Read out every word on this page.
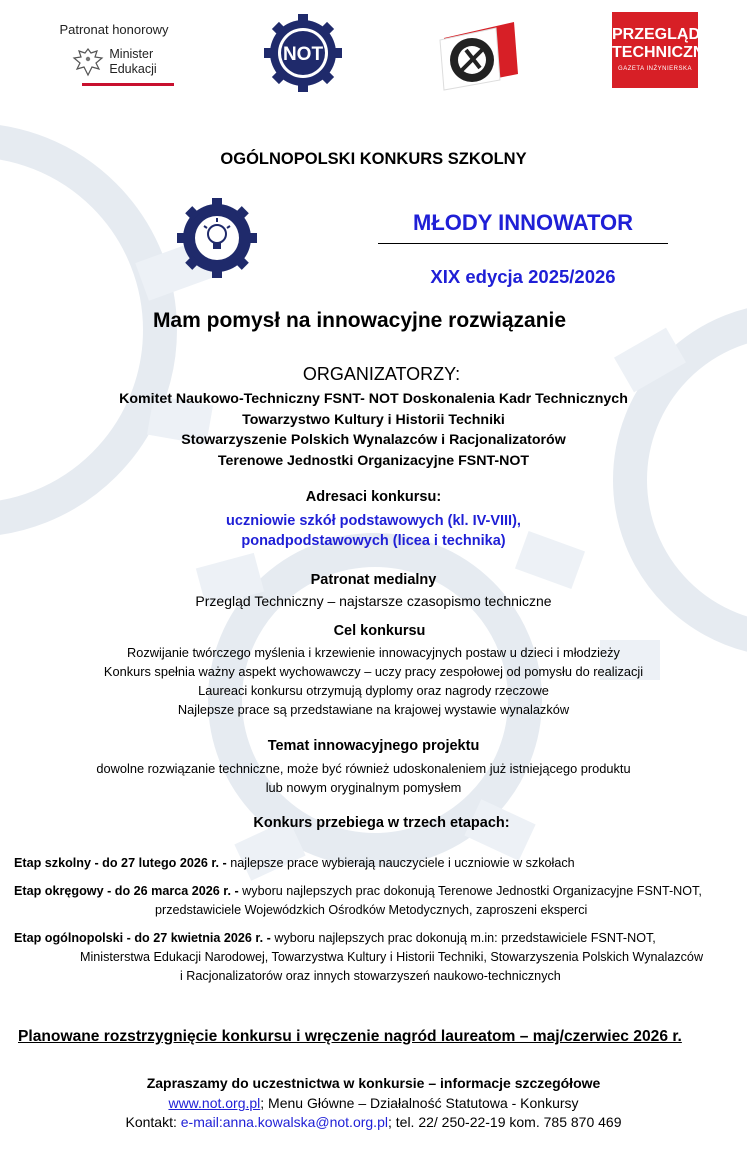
Patronat honorowy
Minister
Edukacji
NOT
PRZEGLĄD
TECHNICZNY
GAZETA INŻYNIERSKA
OGÓLNOPOLSKI KONKURS SZKOLNY
MŁODY INNOWATOR
XIX edycja 2025/2026
Mam pomysł na innowacyjne rozwiązanie
ORGANIZATORZY:
Komitet Naukowo-Techniczny FSNT- NOT Doskonalenia Kadr Technicznych
Towarzystwo Kultury i Historii Techniki
Stowarzyszenie Polskich Wynalazców i Racjonalizatorów
Terenowe Jednostki Organizacyjne FSNT-NOT
Adresaci konkursu:
uczniowie szkół podstawowych (kl. IV-VIII),
ponadpodstawowych (licea i technika)
Patronat medialny
Przegląd Techniczny – najstarsze czasopismo techniczne
Cel konkursu
Rozwijanie twórczego myślenia i krzewienie innowacyjnych postaw u dzieci i młodzieży
Konkurs spełnia ważny aspekt wychowawczy – uczy pracy zespołowej od pomysłu do realizacji
Laureaci konkursu otrzymują dyplomy oraz nagrody rzeczowe
Najlepsze prace są przedstawiane na krajowej wystawie wynalazków
Temat innowacyjnego projektu
dowolne rozwiązanie techniczne, może być również udoskonaleniem już istniejącego produktu
lub nowym oryginalnym pomysłem
Konkurs przebiega w trzech etapach:
Etap szkolny - do 27 lutego 2026 r. - najlepsze prace wybierają nauczyciele i uczniowie w szkołach
Etap okręgowy - do 26 marca 2026 r. - wyboru najlepszych prac dokonują Terenowe Jednostki Organizacyjne FSNT-NOT,
przedstawiciele Wojewódzkich Ośrodków Metodycznych, zaproszeni eksperci
Etap ogólnopolski - do 27 kwietnia 2026 r. - wyboru najlepszych prac dokonują m.in: przedstawiciele FSNT-NOT,
Ministerstwa Edukacji Narodowej, Towarzystwa Kultury i Historii Techniki, Stowarzyszenia Polskich Wynalazców
i Racjonalizatorów oraz innych stowarzyszeń naukowo-technicznych
Planowane rozstrzygnięcie konkursu i wręczenie nagród laureatom – maj/czerwiec 2026 r.
Zapraszamy do uczestnictwa w konkursie – informacje szczegółowe
www.not.org.pl; Menu Główne – Działalność Statutowa - Konkursy
Kontakt: e-mail:anna.kowalska@not.org.pl; tel. 22/ 250-22-19 kom. 785 870 469
